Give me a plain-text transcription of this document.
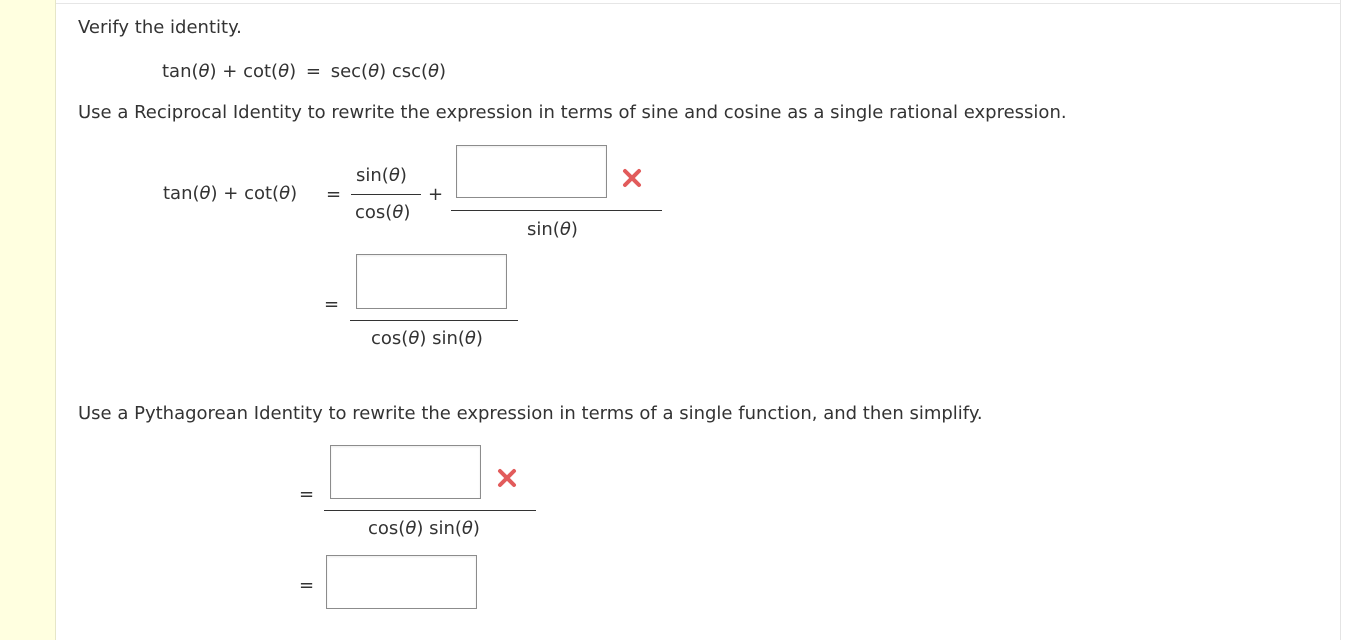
Verify the identity.
tan(θ) + cot(θ) = sec(θ) csc(θ)
Use a Reciprocal Identity to rewrite the expression in terms of sine and cosine as a single rational expression.
tan(θ) + cot(θ) =
sin(θ)
cos(θ)
+
sin(θ)
=
cos(θ) sin(θ)
Use a Pythagorean Identity to rewrite the expression in terms of a single function, and then simplify.
=
cos(θ) sin(θ)
=
